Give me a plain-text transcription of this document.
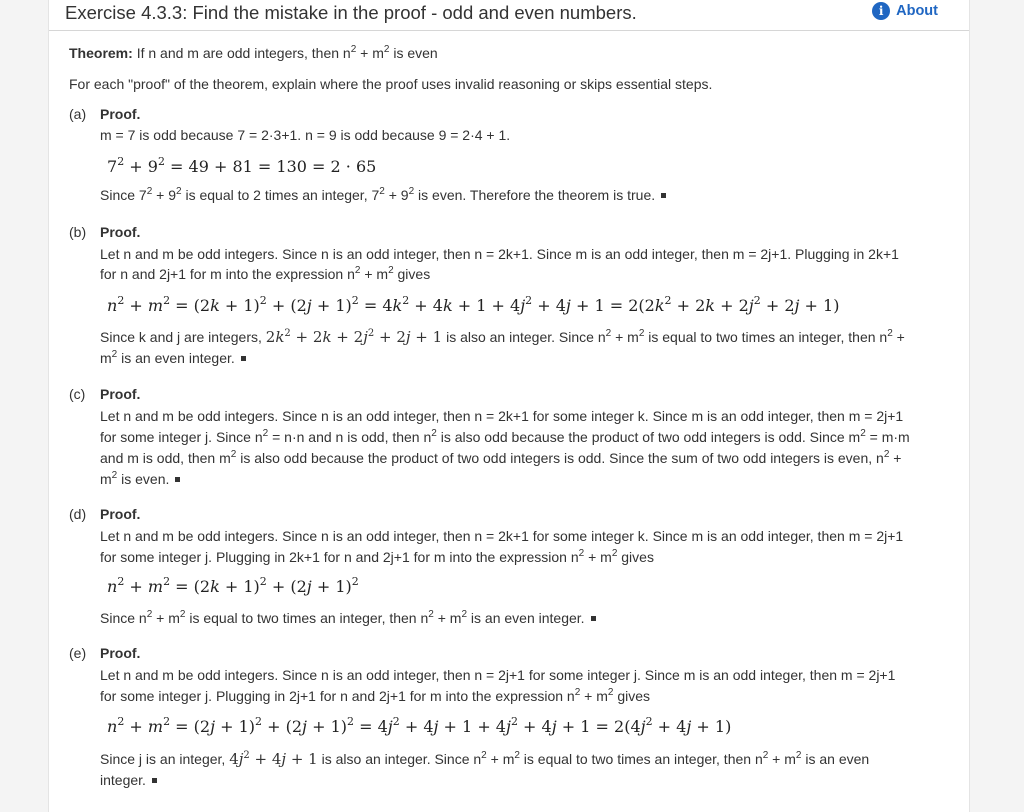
Exercise 4.3.3: Find the mistake in the proof - odd and even numbers.	i About
Theorem: If n and m are odd integers, then $n^2 + m^2$ is even
For each "proof" of the theorem, explain where the proof uses invalid reasoning or skips essential steps.
(a) Proof.
m = 7 is odd because 7 = 2·3+1. n = 9 is odd because 9 = 2·4 + 1.
$7^2 + 9^2 = 49 + 81 = 130 = 2 \cdot 65$
Since $7^2 + 9^2$ is equal to 2 times an integer, $7^2 + 9^2$ is even. Therefore the theorem is true.
(b) Proof.
Let n and m be odd integers. Since n is an odd integer, then n = 2k+1. Since m is an odd integer, then m = 2j+1. Plugging in 2k+1
for n and 2j+1 for m into the expression $n^2 + m^2$ gives
$n^2 + m^2 = (2k + 1)^2 + (2j + 1)^2 = 4k^2 + 4k + 1 + 4j^2 + 4j + 1 = 2(2k^2 + 2k + 2j^2 + 2j + 1)$
Since k and j are integers, $2k^2 + 2k + 2j^2 + 2j + 1$ is also an integer. Since $n^2 + m^2$ is equal to two times an integer, then $n^2$ +
$m^2$ is an even integer.
(c) Proof.
Let n and m be odd integers. Since n is an odd integer, then n = 2k+1 for some integer k. Since m is an odd integer, then m = 2j+1
for some integer j. Since $n^2 = n\cdot n$ and n is odd, then $n^2$ is also odd because the product of two odd integers is odd. Since $m^2 = m\cdot m$
and m is odd, then $m^2$ is also odd because the product of two odd integers is odd. Since the sum of two odd integers is even, $n^2$ +
$m^2$ is even.
(d) Proof.
Let n and m be odd integers. Since n is an odd integer, then n = 2k+1 for some integer k. Since m is an odd integer, then m = 2j+1
for some integer j. Plugging in 2k+1 for n and 2j+1 for m into the expression $n^2 + m^2$ gives
$n^2 + m^2 = (2k + 1)^2 + (2j + 1)^2$
Since $n^2 + m^2$ is equal to two times an integer, then $n^2 + m^2$ is an even integer.
(e) Proof.
Let n and m be odd integers. Since n is an odd integer, then n = 2j+1 for some integer j. Since m is an odd integer, then m = 2j+1
for some integer j. Plugging in 2j+1 for n and 2j+1 for m into the expression $n^2 + m^2$ gives
$n^2 + m^2 = (2j + 1)^2 + (2j + 1)^2 = 4j^2 + 4j + 1 + 4j^2 + 4j + 1 = 2(4j^2 + 4j + 1)$
Since j is an integer, $4j^2 + 4j + 1$ is also an integer. Since $n^2 + m^2$ is equal to two times an integer, then $n^2 + m^2$ is an even
integer.
